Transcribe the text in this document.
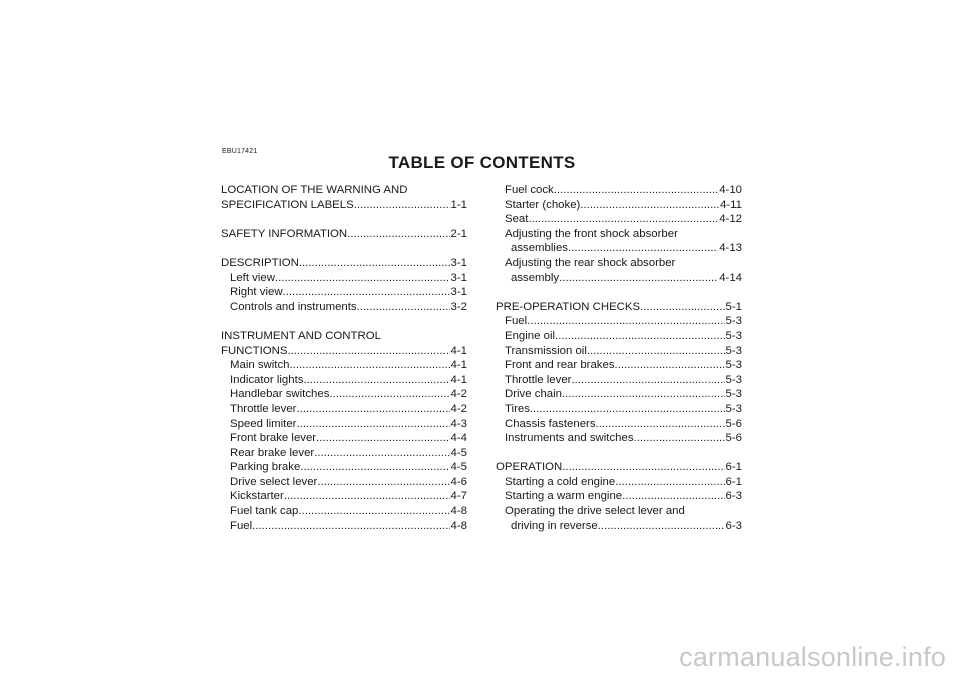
EBU17421
TABLE OF CONTENTS
LOCATION OF THE WARNING AND
SPECIFICATION LABELS .....	1-1
SAFETY INFORMATION .....	2-1
DESCRIPTION .....	3-1
Left view .....	3-1
Right view .....	3-1
Controls and instruments .....	3-2
INSTRUMENT AND CONTROL
FUNCTIONS .....	4-1
Main switch .....	4-1
Indicator lights .....	4-1
Handlebar switches .....	4-2
Throttle lever .....	4-2
Speed limiter .....	4-3
Front brake lever .....	4-4
Rear brake lever .....	4-5
Parking brake .....	4-5
Drive select lever .....	4-6
Kickstarter .....	4-7
Fuel tank cap .....	4-8
Fuel .....	4-8
Fuel cock .....	4-10
Starter (choke) .....	4-11
Seat .....	4-12
Adjusting the front shock absorber
assemblies .....	4-13
Adjusting the rear shock absorber
assembly .....	4-14
PRE-OPERATION CHECKS .....	5-1
Fuel .....	5-3
Engine oil .....	5-3
Transmission oil .....	5-3
Front and rear brakes .....	5-3
Throttle lever .....	5-3
Drive chain .....	5-3
Tires .....	5-3
Chassis fasteners .....	5-6
Instruments and switches .....	5-6
OPERATION .....	6-1
Starting a cold engine .....	6-1
Starting a warm engine .....	6-3
Operating the drive select lever and
driving in reverse .....	6-3
carmanualsonline.info
